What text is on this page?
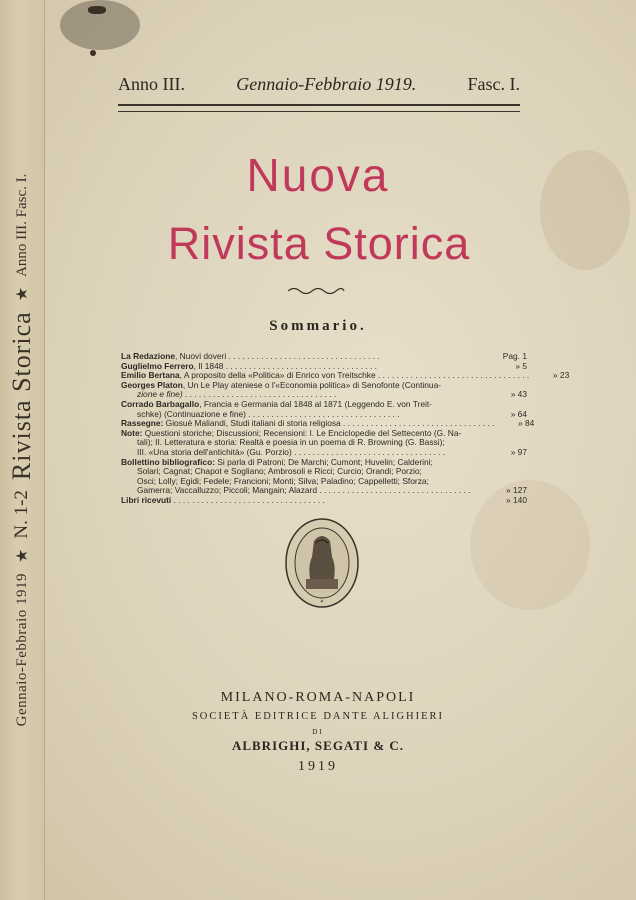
Gennaio-Febbraio 1919
★
N. 1-2
Rivista Storica
★
Anno III. Fasc. I.
Anno III.	Gennaio-Febbraio 1919.	Fasc. I.
Nuova
Rivista Storica
Sommario.
La Redazione, Nuovi doveri . . . . . . . . . . . . . . . . . . . . . . . . . . . . . . . . .	Pag. 1
Guglielmo Ferrero, Il 1848 . . . . . . . . . . . . . . . . . . . . . . . . . . . . . . . . .	» 5
Emilio Bertana, A proposito della «Politica» di Enrico von Treitschke . . . . . . . . . . . . . . . . . . . . . . . . . . . . . . . . .	» 23
Georges Platon, Un Le Play ateniese o l'«Economia politica» di Senofonte (Continua-
zione e fine) . . . . . . . . . . . . . . . . . . . . . . . . . . . . . . . . .	» 43
Corrado Barbagallo, Francia e Germania dal 1848 al 1871 (Leggendo E. von Treit-
schke) (Continuazione e fine) . . . . . . . . . . . . . . . . . . . . . . . . . . . . . . . . .	» 64
Rassegne: Giosuè Maliandi, Studi italiani di storia religiosa . . . . . . . . . . . . . . . . . . . . . . . . . . . . . . . . .	» 84
Note: Questioni storiche; Discussioni; Recensioni: I. Le Enciclopedie del Settecento (G. Na-
tali); II. Letteratura e storia: Realtà e poesia in un poema di R. Browning (G. Bassi);
III. «Una storia dell'antichità» (Gu. Porzio) . . . . . . . . . . . . . . . . . . . . . . . . . . . . . . . . .	» 97
Bollettino bibliografico: Si parla di Patroni; De Marchi; Cumont; Huvelin; Calderini;
Solari; Cagnat; Chapot e Sogliano; Ambrosoli e Ricci; Curcio; Orandi; Porzio;
Osci; Lolly; Egidi; Fedele; Francioni; Monti; Silva; Paladino; Cappelletti; Sforza;
Gamerra; Vaccalluzzo; Piccoli; Mangain; Alazard . . . . . . . . . . . . . . . . . . . . . . . . . . . . . . . . .	» 127
Libri ricevuti . . . . . . . . . . . . . . . . . . . . . . . . . . . . . . . . .	» 140
✶
MILANO-ROMA-NAPOLI
SOCIETÀ EDITRICE DANTE ALIGHIERI
DI
ALBRIGHI, SEGATI & C.
1919
